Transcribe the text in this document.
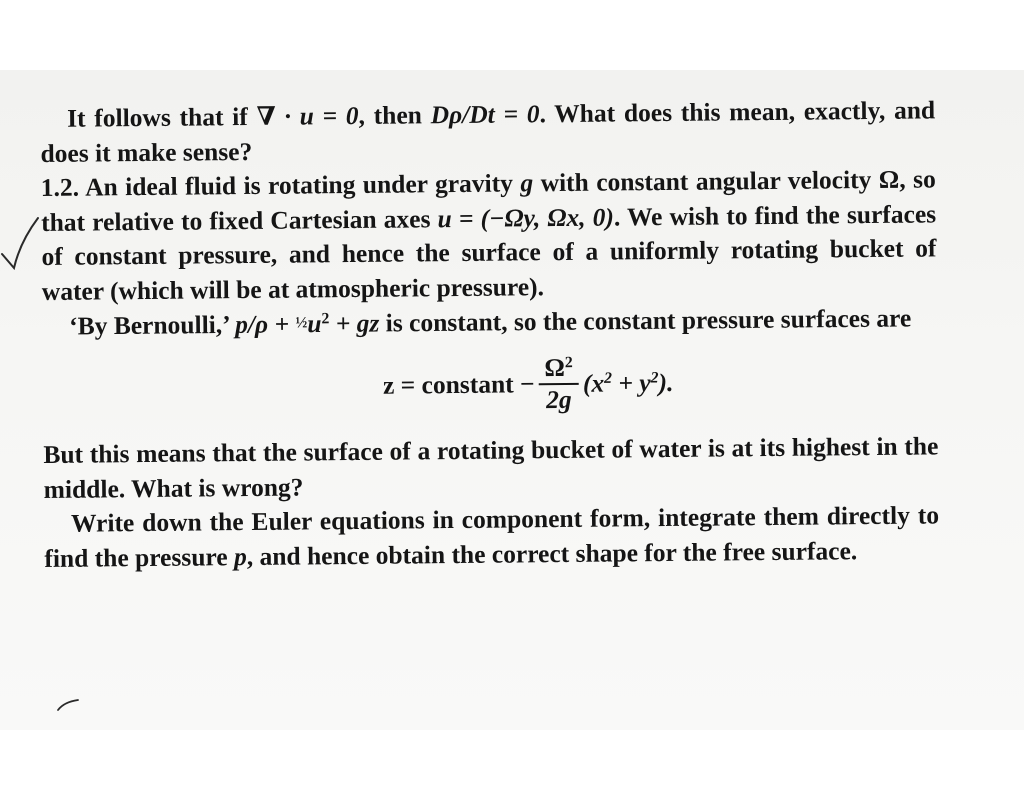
It follows that if ∇ · u = 0, then Dρ/Dt = 0. What does this mean, exactly, and does it make sense?

1.2. An ideal fluid is rotating under gravity g with constant angular velocity Ω, so that relative to fixed Cartesian axes u = (−Ωy, Ωx, 0). We wish to find the surfaces of constant pressure, and hence the surface of a uniformly rotating bucket of water (which will be at atmospheric pressure).

‘By Bernoulli,’ $p/\rho + \frac{1}{2}u^2$ + gz is constant, so the constant pressure surfaces are

z = constant − $\frac{\Omega^2}{2g} (x^2 + y^2)$.

But this means that the surface of a rotating bucket of water is at its highest in the middle. What is wrong?

Write down the Euler equations in component form, integrate them directly to find the pressure p, and hence obtain the correct shape for the free surface.
